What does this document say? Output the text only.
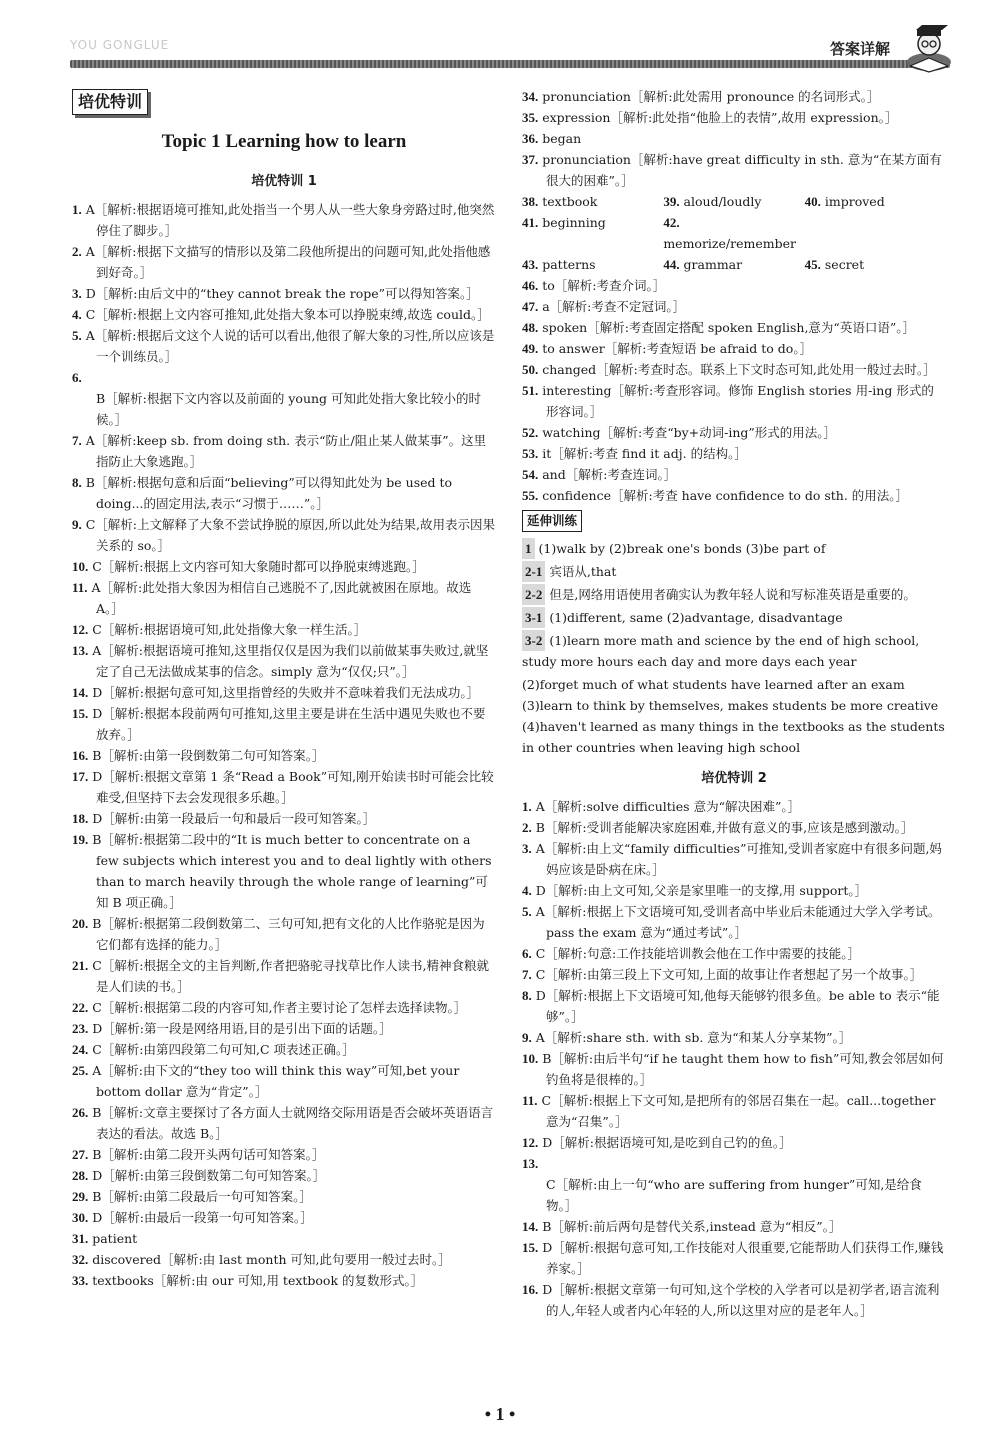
YOU GONGLUE	答案详解
培优特训
Topic 1 Learning how to learn
培优特训 1
1. A［解析:根据语境可推知,此处指当一个男人从一些大象身旁路过时,他突然停住了脚步。］
2. A［解析:根据下文描写的情形以及第二段他所提出的问题可知,此处指他感到好奇。］
3. D［解析:由后文中的“they cannot break the rope”可以得知答案。］
4. C［解析:根据上文内容可推知,此处指大象本可以挣脱束缚,故选 could。］
5. A［解析:根据后文这个人说的话可以看出,他很了解大象的习性,所以应该是一个训练员。］
6. B［解析:根据下文内容以及前面的 young 可知此处指大象比较小的时候。］
7. A［解析:keep sb. from doing sth. 表示“防止/阻止某人做某事”。这里指防止大象逃跑。］
8. B［解析:根据句意和后面“believing”可以得知此处为 be used to doing...的固定用法,表示“习惯于……”。］
9. C［解析:上文解释了大象不尝试挣脱的原因,所以此处为结果,故用表示因果关系的 so。］
10. C［解析:根据上文内容可知大象随时都可以挣脱束缚逃跑。］
11. A［解析:此处指大象因为相信自己逃脱不了,因此就被困在原地。故选 A。］
12. C［解析:根据语境可知,此处指像大象一样生活。］
13. A［解析:根据语境可推知,这里指仅仅是因为我们以前做某事失败过,就坚定了自己无法做成某事的信念。simply 意为“仅仅;只”。］
14. D［解析:根据句意可知,这里指曾经的失败并不意味着我们无法成功。］
15. D［解析:根据本段前两句可推知,这里主要是讲在生活中遇见失败也不要放弃。］
16. B［解析:由第一段倒数第二句可知答案。］
17. D［解析:根据文章第 1 条“Read a Book”可知,刚开始读书时可能会比较难受,但坚持下去会发现很多乐趣。］
18. D［解析:由第一段最后一句和最后一段可知答案。］
19. B［解析:根据第二段中的“It is much better to concentrate on a few subjects which interest you and to deal lightly with others than to march heavily through the whole range of learning”可知 B 项正确。］
20. B［解析:根据第二段倒数第二、三句可知,把有文化的人比作骆驼是因为它们都有选择的能力。］
21. C［解析:根据全文的主旨判断,作者把骆驼寻找草比作人读书,精神食粮就是人们读的书。］
22. C［解析:根据第二段的内容可知,作者主要讨论了怎样去选择读物。］
23. D［解析:第一段是网络用语,目的是引出下面的话题。］
24. C［解析:由第四段第二句可知,C 项表述正确。］
25. A［解析:由下文的“they too will think this way”可知,bet your bottom dollar 意为“肯定”。］
26. B［解析:文章主要探讨了各方面人士就网络交际用语是否会破坏英语语言表达的看法。故选 B。］
27. B［解析:由第二段开头两句话可知答案。］
28. D［解析:由第三段倒数第二句可知答案。］
29. B［解析:由第二段最后一句可知答案。］
30. D［解析:由最后一段第一句可知答案。］
31. patient
32. discovered［解析:由 last month 可知,此句要用一般过去时。］
33. textbooks［解析:由 our 可知,用 textbook 的复数形式。］
34. pronunciation［解析:此处需用 pronounce 的名词形式。］
35. expression［解析:此处指“他脸上的表情”,故用 expression。］
36. began
37. pronunciation［解析:have great difficulty in sth. 意为“在某方面有很大的困难”。］
38. textbook	39. aloud/loudly	40. improved
41. beginning	42. memorize/remember
43. patterns	44. grammar	45. secret
46. to［解析:考查介词。］
47. a［解析:考查不定冠词。］
48. spoken［解析:考查固定搭配 spoken English,意为“英语口语”。］
49. to answer［解析:考查短语 be afraid to do。］
50. changed［解析:考查时态。联系上下文时态可知,此处用一般过去时。］
51. interesting［解析:考查形容词。修饰 English stories 用-ing 形式的形容词。］
52. watching［解析:考查“by+动词-ing”形式的用法。］
53. it［解析:考查 find it adj. 的结构。］
54. and［解析:考查连词。］
55. confidence［解析:考查 have confidence to do sth. 的用法。］
延伸训练
1 (1)walk by (2)break one's bonds (3)be part of
2-1 宾语从,that
2-2 但是,网络用语使用者确实认为教年轻人说和写标准英语是重要的。
3-1 (1)different, same (2)advantage, disadvantage
3-2 (1)learn more math and science by the end of high school, study more hours each day and more days each year
(2)forget much of what students have learned after an exam
(3)learn to think by themselves, makes students be more creative
(4)haven't learned as many things in the textbooks as the students in other countries when leaving high school
培优特训 2
1. A［解析:solve difficulties 意为“解决困难”。］
2. B［解析:受训者能解决家庭困难,并做有意义的事,应该是感到激动。］
3. A［解析:由上文“family difficulties”可推知,受训者家庭中有很多问题,妈妈应该是卧病在床。］
4. D［解析:由上文可知,父亲是家里唯一的支撑,用 support。］
5. A［解析:根据上下文语境可知,受训者高中毕业后未能通过大学入学考试。pass the exam 意为“通过考试”。］
6. C［解析:句意:工作技能培训教会他在工作中需要的技能。］
7. C［解析:由第三段上下文可知,上面的故事让作者想起了另一个故事。］
8. D［解析:根据上下文语境可知,他每天能够钓很多鱼。be able to 表示“能够”。］
9. A［解析:share sth. with sb. 意为“和某人分享某物”。］
10. B［解析:由后半句“if he taught them how to fish”可知,教会邻居如何钓鱼将是很棒的。］
11. C［解析:根据上下文可知,是把所有的邻居召集在一起。call...together 意为“召集”。］
12. D［解析:根据语境可知,是吃到自己钓的鱼。］
13. C［解析:由上一句“who are suffering from hunger”可知,是给食物。］
14. B［解析:前后两句是替代关系,instead 意为“相反”。］
15. D［解析:根据句意可知,工作技能对人很重要,它能帮助人们获得工作,赚钱养家。］
16. D［解析:根据文章第一句可知,这个学校的入学者可以是初学者,语言流利的人,年轻人或者内心年轻的人,所以这里对应的是老年人。］
• 1 •
